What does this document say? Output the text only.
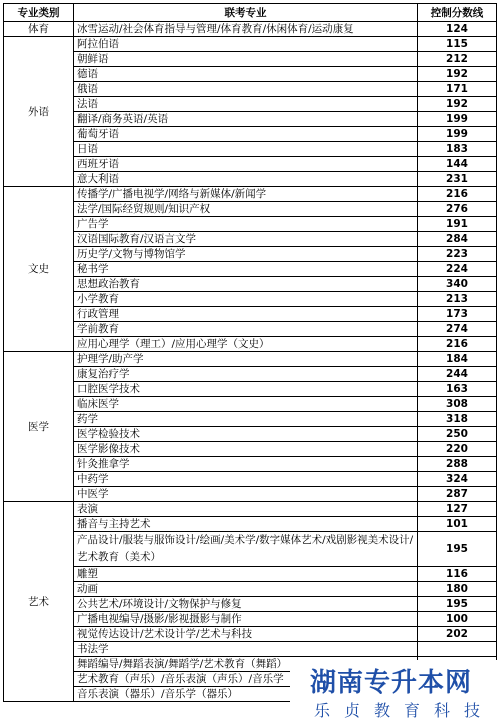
专业类别	联考专业	控制分数线
体育	冰雪运动/社会体育指导与管理/体育教育/休闲体育/运动康复	124
外语	阿拉伯语	115
	朝鲜语	212
	德语	192
	俄语	171
	法语	192
	翻译/商务英语/英语	199
	葡萄牙语	199
	日语	183
	西班牙语	144
	意大利语	231
文史	传播学/广播电视学/网络与新媒体/新闻学	216
	法学/国际经贸规则/知识产权	276
	广告学	191
	汉语国际教育/汉语言文学	284
	历史学/文物与博物馆学	223
	秘书学	224
	思想政治教育	340
	小学教育	213
	行政管理	173
	学前教育	274
	应用心理学（理工）/应用心理学（文史）	216
医学	护理学/助产学	184
	康复治疗学	244
	口腔医学技术	163
	临床医学	308
	药学	318
	医学检验技术	250
	医学影像技术	220
	针灸推拿学	288
	中药学	324
	中医学	287
艺术	表演	127
	播音与主持艺术	101
	产品设计/服装与服饰设计/绘画/美术学/数字媒体艺术/戏剧影视美术设计/艺术教育（美术）	195
	雕塑	116
	动画	180
	公共艺术/环境设计/文物保护与修复	195
	广播电视编导/摄影/影视摄影与制作	100
	视觉传达设计/艺术设计学/艺术与科技	202
	书法学	
	舞蹈编导/舞蹈表演/舞蹈学/艺术教育（舞蹈）	
	艺术教育（声乐）/音乐表演（声乐）/音乐学	
	音乐表演（器乐）/音乐学（器乐）		湖南专升本网
乐贞教育科技
